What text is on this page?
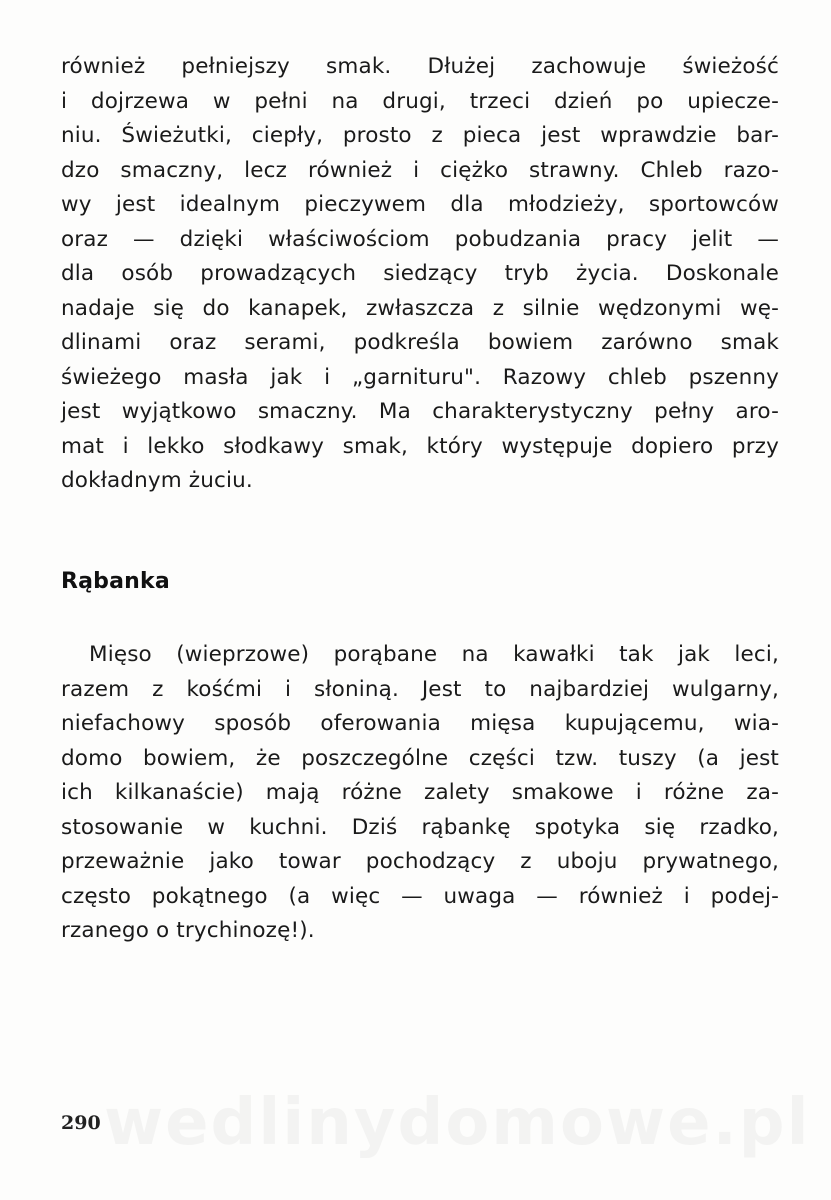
również pełniejszy smak. Dłużej zachowuje świeżość
i dojrzewa w pełni na drugi, trzeci dzień po upiecze-
niu. Świeżutki, ciepły, prosto z pieca jest wprawdzie bar-
dzo smaczny, lecz również i ciężko strawny. Chleb razo-
wy jest idealnym pieczywem dla młodzieży, sportowców
oraz — dzięki właściwościom pobudzania pracy jelit —
dla osób prowadzących siedzący tryb życia. Doskonale
nadaje się do kanapek, zwłaszcza z silnie wędzonymi wę-
dlinami oraz serami, podkreśla bowiem zarówno smak
świeżego masła jak i „garnituru". Razowy chleb pszenny
jest wyjątkowo smaczny. Ma charakterystyczny pełny aro-
mat i lekko słodkawy smak, który występuje dopiero przy
dokładnym żuciu.
Rąbanka
Mięso (wieprzowe) porąbane na kawałki tak jak leci,
razem z kośćmi i słoniną. Jest to najbardziej wulgarny,
niefachowy sposób oferowania mięsa kupującemu, wia-
domo bowiem, że poszczególne części tzw. tuszy (a jest
ich kilkanaście) mają różne zalety smakowe i różne za-
stosowanie w kuchni. Dziś rąbankę spotyka się rzadko,
przeważnie jako towar pochodzący z uboju prywatnego,
często pokątnego (a więc — uwaga — również i podej-
rzanego o trychinozę!).
wedlinydomowe.pl
290
